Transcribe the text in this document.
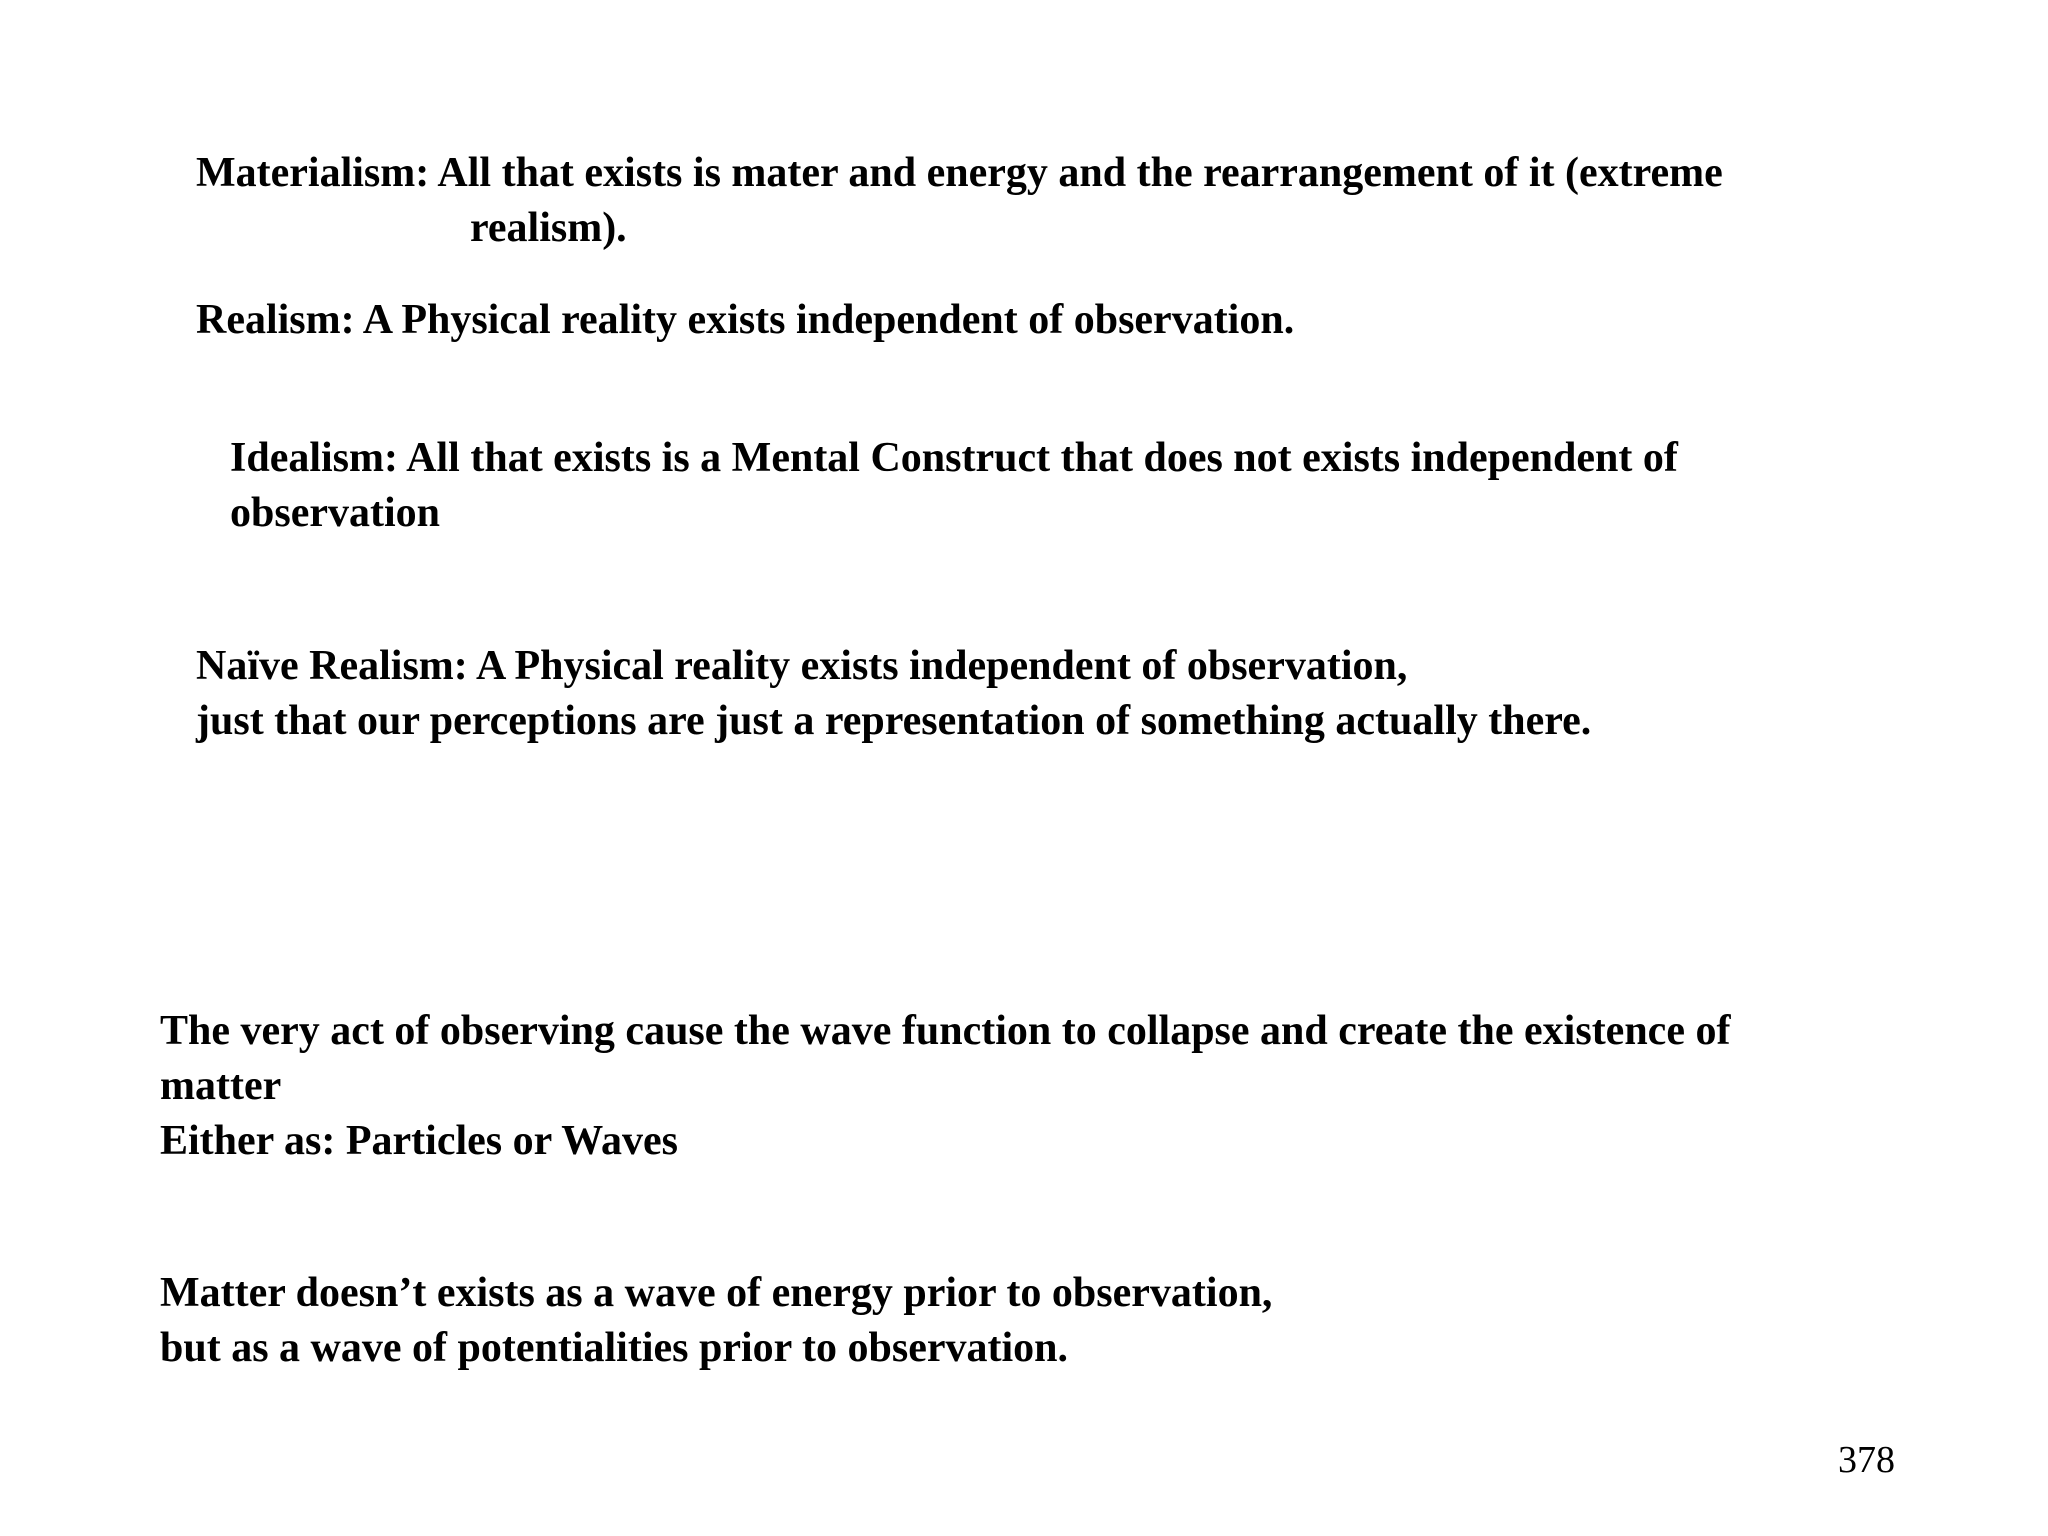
Materialism: All that exists is mater and energy and the rearrangement of it (extreme
realism).
Realism: A Physical reality exists independent of observation.
Idealism: All that exists is a Mental Construct that does not exists independent of
observation
Naïve Realism: A Physical reality exists independent of observation,
just that our perceptions are just a representation of something actually there.
The very act of observing cause the wave function to collapse and create the existence of
matter
Either as: Particles or Waves
Matter doesn’t exists as a wave of energy prior to observation,
but as a wave of potentialities prior to observation.
378
